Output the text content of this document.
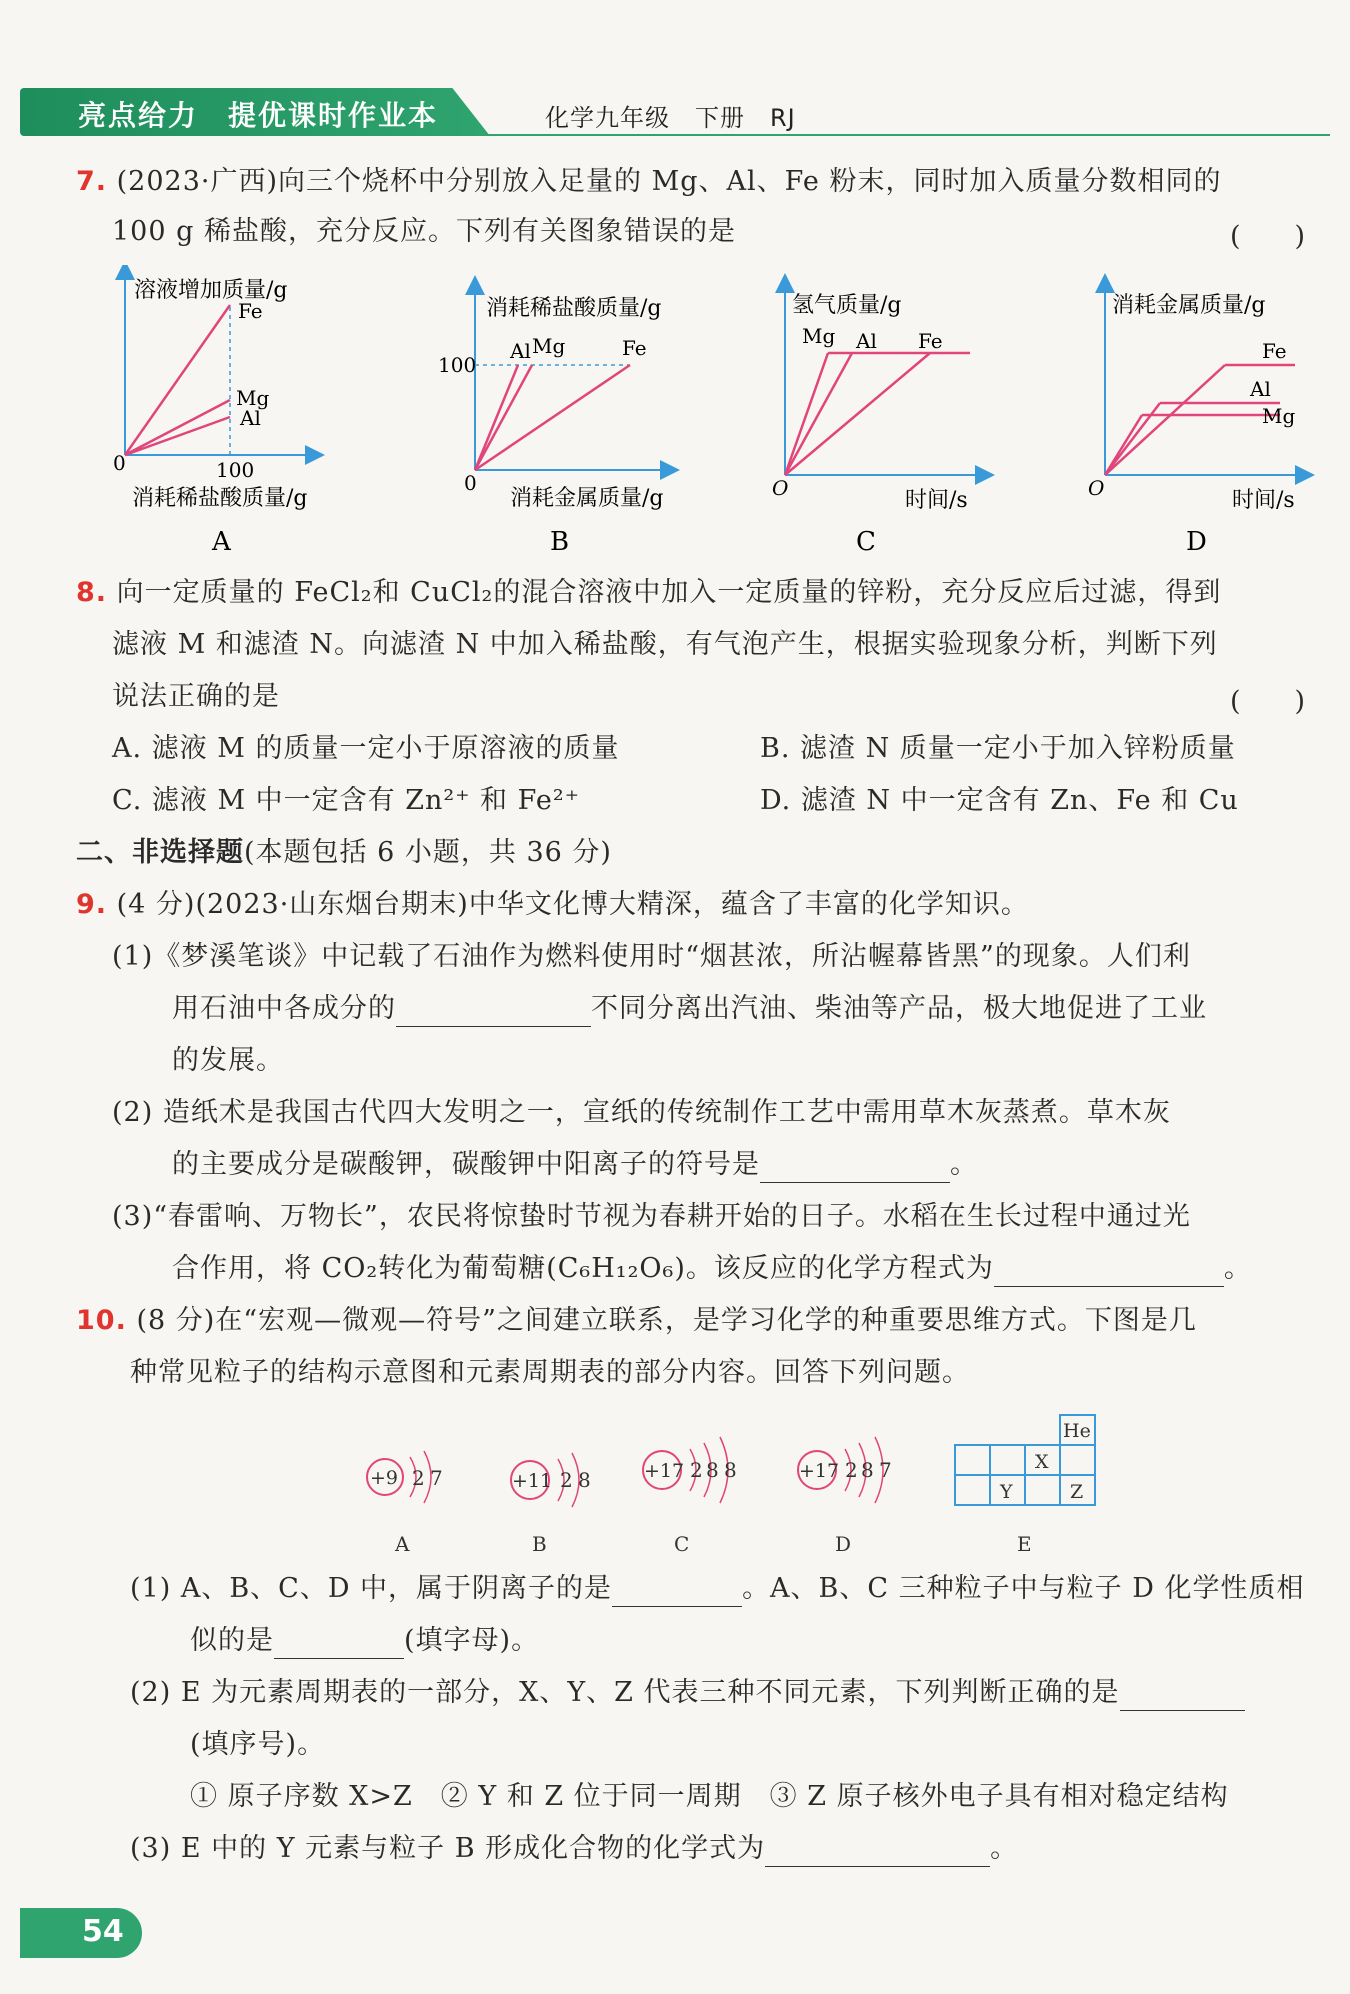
亮点给力　提优课时作业本	化学九年级　下册　RJ
7. (2023·广西)向三个烧杯中分别放入足量的 Mg、Al、Fe 粉末，同时加入质量分数相同的
100 g 稀盐酸，充分反应。下列有关图象错误的是	(　　)
溶液增加质量/g
Fe
Mg
Al
0	100
消耗稀盐酸质量/g
A
消耗稀盐酸质量/g
Al Mg	Fe
100
0
消耗金属质量/g
B
氢气质量/g
Mg Al Fe
O	时间/s
C
消耗金属质量/g
Fe
Al
Mg
O	时间/s
D
8. 向一定质量的 FeCl₂和 CuCl₂的混合溶液中加入一定质量的锌粉，充分反应后过滤，得到
滤液 M 和滤渣 N。向滤渣 N 中加入稀盐酸，有气泡产生，根据实验现象分析，判断下列
说法正确的是	(　　)
A. 滤液 M 的质量一定小于原溶液的质量	B. 滤渣 N 质量一定小于加入锌粉质量
C. 滤液 M 中一定含有 Zn²⁺ 和 Fe²⁺	D. 滤渣 N 中一定含有 Zn、Fe 和 Cu
二、非选择题(本题包括 6 小题，共 36 分)
9. (4 分)(2023·山东烟台期末)中华文化博大精深，蕴含了丰富的化学知识。
(1)《梦溪笔谈》中记载了石油作为燃料使用时“烟甚浓，所沾幄幕皆黑”的现象。人们利
用石油中各成分的	不同分离出汽油、柴油等产品，极大地促进了工业
的发展。
(2) 造纸术是我国古代四大发明之一，宣纸的传统制作工艺中需用草木灰蒸煮。草木灰
的主要成分是碳酸钾，碳酸钾中阳离子的符号是	。
(3)“春雷响、万物长”，农民将惊蛰时节视为春耕开始的日子。水稻在生长过程中通过光
合作用，将 CO₂转化为葡萄糖(C₆H₁₂O₆)。该反应的化学方程式为	。
10. (8 分)在“宏观—微观—符号”之间建立联系，是学习化学的种重要思维方式。下图是几
种常见粒子的结构示意图和元素周期表的部分内容。回答下列问题。
+9 2 7
A
+11 2 8
B
+17 2 8 8
C
+17 2 8 7
D
He
X
Y	Z
E
(1) A、B、C、D 中，属于阴离子的是	。A、B、C 三种粒子中与粒子 D 化学性质相
似的是	(填字母)。
(2) E 为元素周期表的一部分，X、Y、Z 代表三种不同元素，下列判断正确的是
(填序号)。
① 原子序数 X>Z　② Y 和 Z 位于同一周期　③ Z 原子核外电子具有相对稳定结构
(3) E 中的 Y 元素与粒子 B 形成化合物的化学式为	。
54
